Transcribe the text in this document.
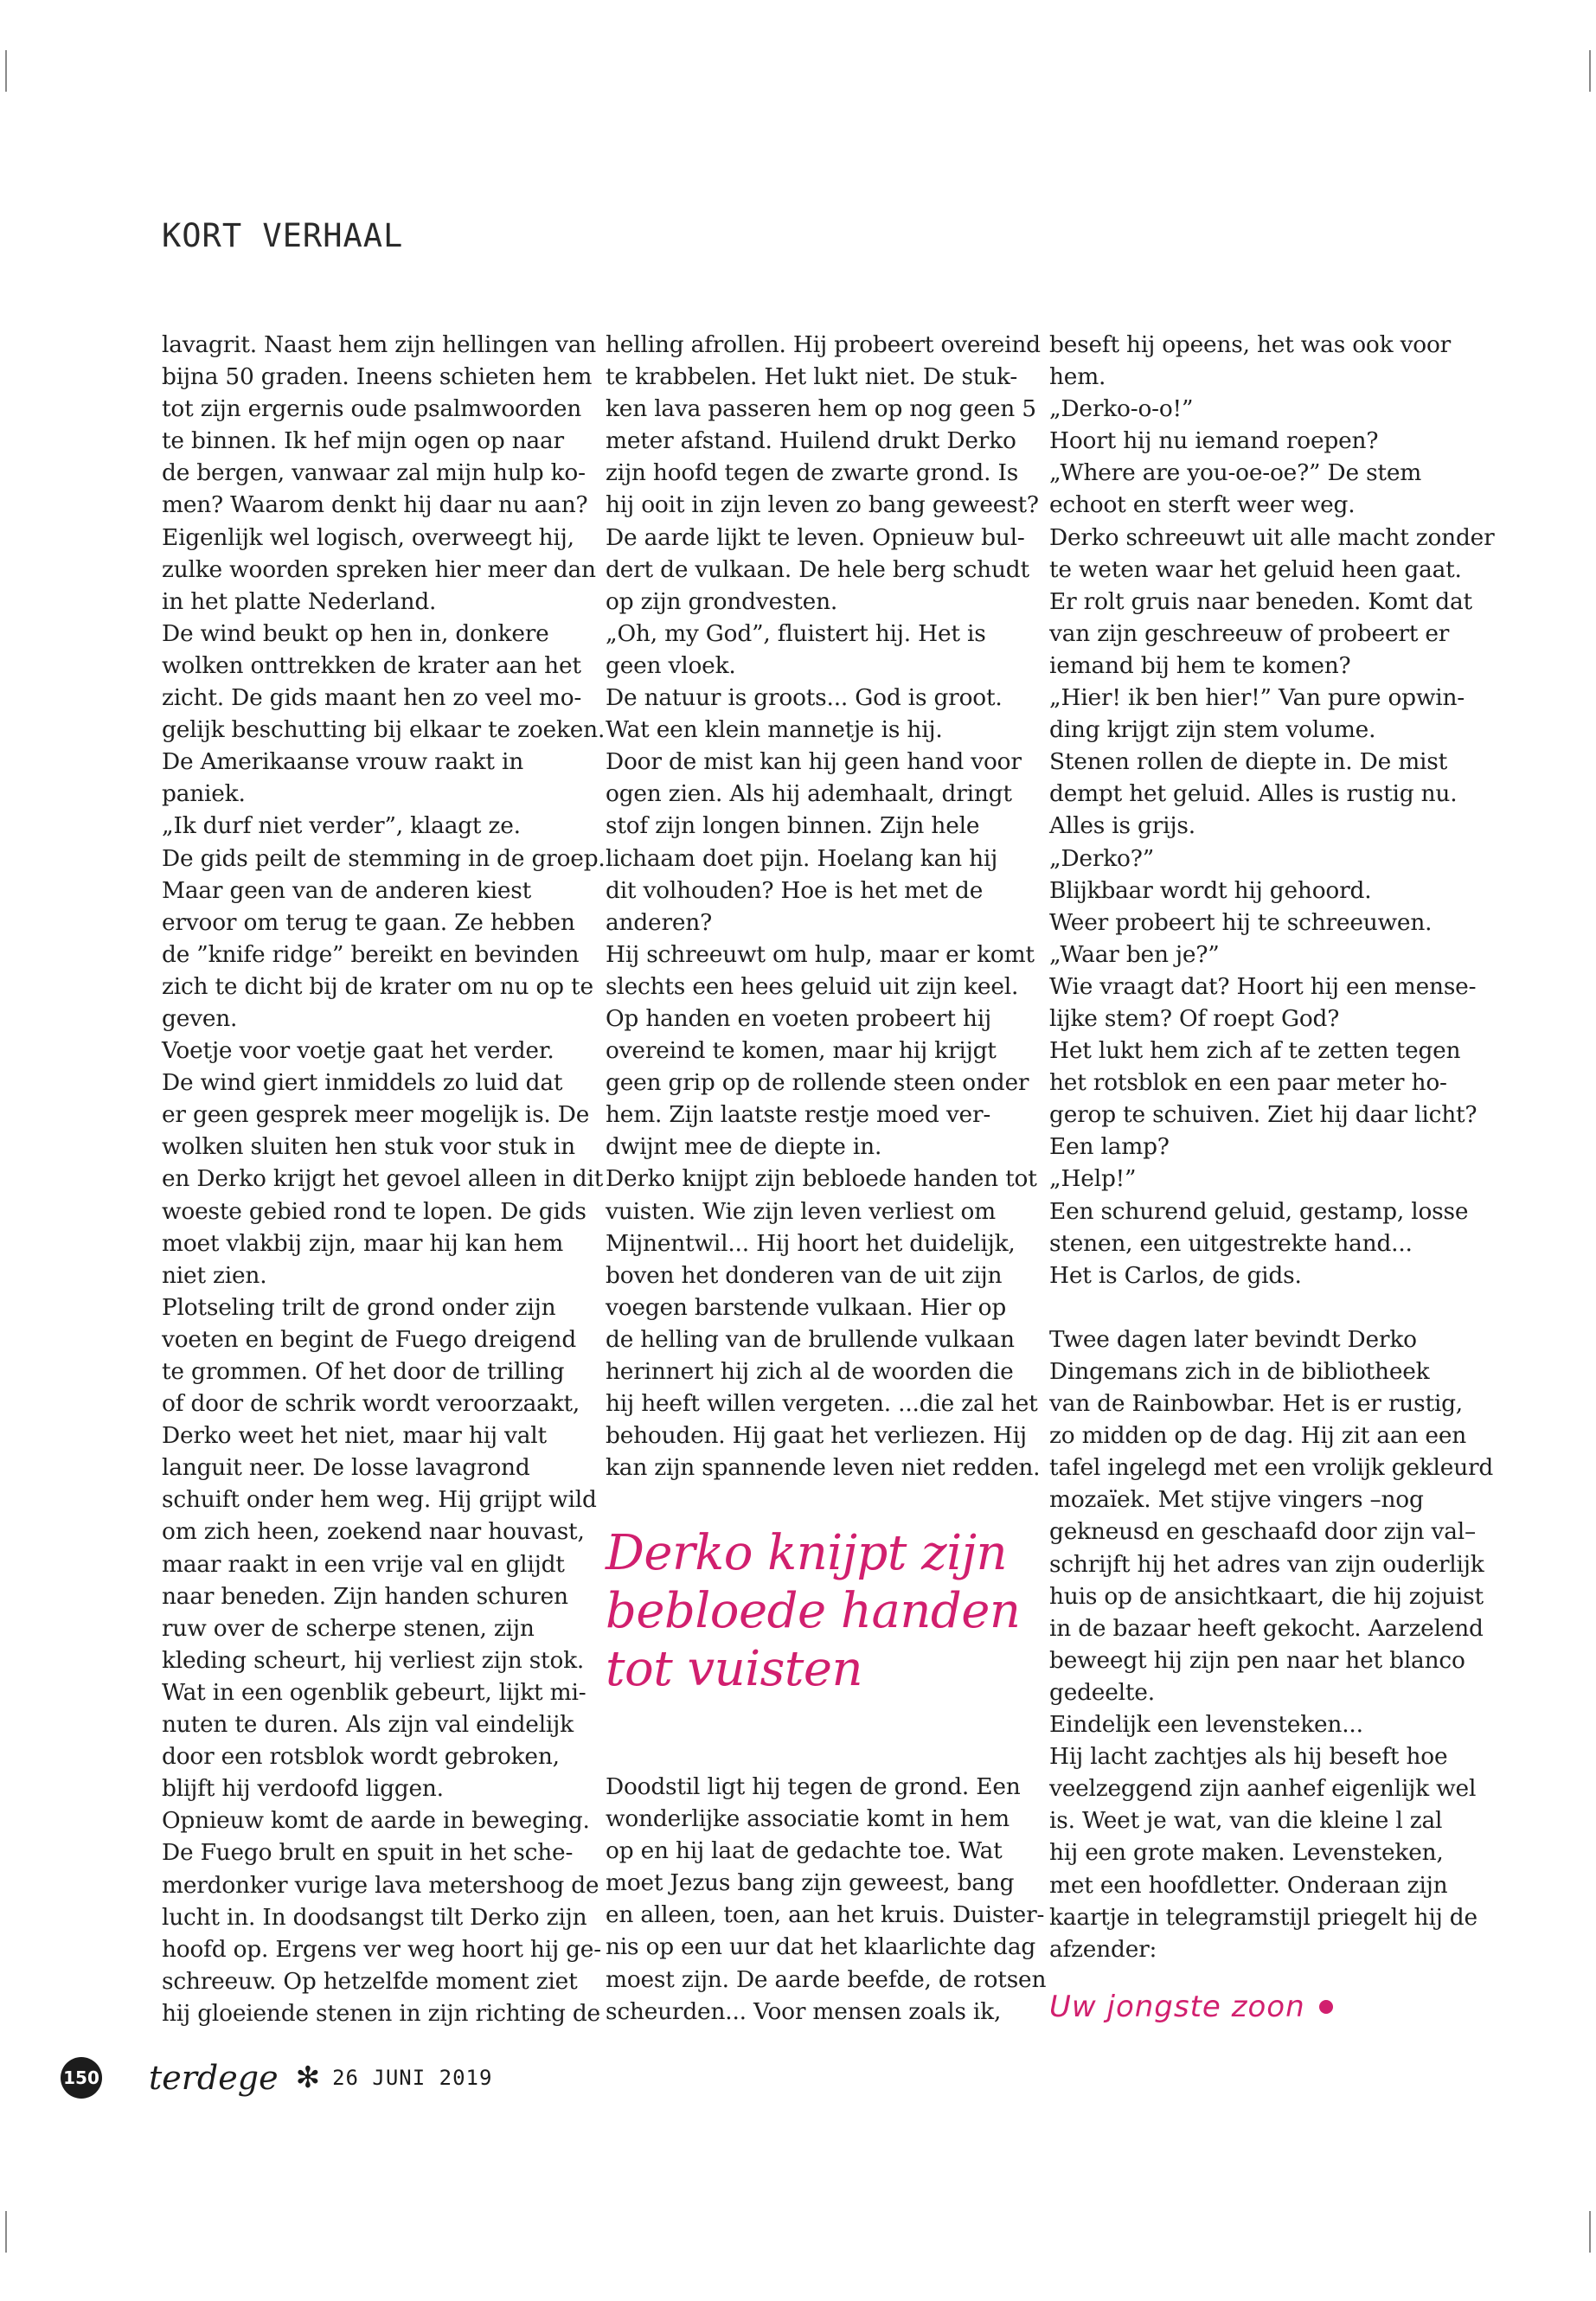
KORT VERHAAL
lavagrit. Naast hem zijn hellingen van
bijna 50 graden. Ineens schieten hem
tot zijn ergernis oude psalmwoorden
te binnen. Ik hef mijn ogen op naar
de bergen, vanwaar zal mijn hulp ko-
men? Waarom denkt hij daar nu aan?
Eigenlijk wel logisch, overweegt hij,
zulke woorden spreken hier meer dan
in het platte Nederland.
De wind beukt op hen in, donkere
wolken onttrekken de krater aan het
zicht. De gids maant hen zo veel mo-
gelijk beschutting bij elkaar te zoeken.
De Amerikaanse vrouw raakt in
paniek.
„Ik durf niet verder”, klaagt ze.
De gids peilt de stemming in de groep.
Maar geen van de anderen kiest
ervoor om terug te gaan. Ze hebben
de ”knife ridge” bereikt en bevinden
zich te dicht bij de krater om nu op te
geven.
Voetje voor voetje gaat het verder.
De wind giert inmiddels zo luid dat
er geen gesprek meer mogelijk is. De
wolken sluiten hen stuk voor stuk in
en Derko krijgt het gevoel alleen in dit
woeste gebied rond te lopen. De gids
moet vlakbij zijn, maar hij kan hem
niet zien.
Plotseling trilt de grond onder zijn
voeten en begint de Fuego dreigend
te grommen. Of het door de trilling
of door de schrik wordt veroorzaakt,
Derko weet het niet, maar hij valt
languit neer. De losse lavagrond
schuift onder hem weg. Hij grijpt wild
om zich heen, zoekend naar houvast,
maar raakt in een vrije val en glijdt
naar beneden. Zijn handen schuren
ruw over de scherpe stenen, zijn
kleding scheurt, hij verliest zijn stok.
Wat in een ogenblik gebeurt, lijkt mi-
nuten te duren. Als zijn val eindelijk
door een rotsblok wordt gebroken,
blijft hij verdoofd liggen.
Opnieuw komt de aarde in beweging.
De Fuego brult en spuit in het sche-
merdonker vurige lava metershoog de
lucht in. In doodsangst tilt Derko zijn
hoofd op. Ergens ver weg hoort hij ge-
schreeuw. Op hetzelfde moment ziet
hij gloeiende stenen in zijn richting de
helling afrollen. Hij probeert overeind
te krabbelen. Het lukt niet. De stuk-
ken lava passeren hem op nog geen 5
meter afstand. Huilend drukt Derko
zijn hoofd tegen de zwarte grond. Is
hij ooit in zijn leven zo bang geweest?
De aarde lijkt te leven. Opnieuw bul-
dert de vulkaan. De hele berg schudt
op zijn grondvesten.
„Oh, my God”, fluistert hij. Het is
geen vloek.
De natuur is groots... God is groot.
Wat een klein mannetje is hij.
Door de mist kan hij geen hand voor
ogen zien. Als hij ademhaalt, dringt
stof zijn longen binnen. Zijn hele
lichaam doet pijn. Hoelang kan hij
dit volhouden? Hoe is het met de
anderen?
Hij schreeuwt om hulp, maar er komt
slechts een hees geluid uit zijn keel.
Op handen en voeten probeert hij
overeind te komen, maar hij krijgt
geen grip op de rollende steen onder
hem. Zijn laatste restje moed ver-
dwijnt mee de diepte in.
Derko knijpt zijn bebloede handen tot
vuisten. Wie zijn leven verliest om
Mijnentwil... Hij hoort het duidelijk,
boven het donderen van de uit zijn
voegen barstende vulkaan. Hier op
de helling van de brullende vulkaan
herinnert hij zich al de woorden die
hij heeft willen vergeten. ...die zal het
behouden. Hij gaat het verliezen. Hij
kan zijn spannende leven niet redden.
beseft hij opeens, het was ook voor
hem.
„Derko-o-o!”
Hoort hij nu iemand roepen?
„Where are you-oe-oe?” De stem
echoot en sterft weer weg.
Derko schreeuwt uit alle macht zonder
te weten waar het geluid heen gaat.
Er rolt gruis naar beneden. Komt dat
van zijn geschreeuw of probeert er
iemand bij hem te komen?
„Hier! ik ben hier!” Van pure opwin-
ding krijgt zijn stem volume.
Stenen rollen de diepte in. De mist
dempt het geluid. Alles is rustig nu.
Alles is grijs.
„Derko?”
Blijkbaar wordt hij gehoord.
Weer probeert hij te schreeuwen.
„Waar ben je?”
Wie vraagt dat? Hoort hij een mense-
lijke stem? Of roept God?
Het lukt hem zich af te zetten tegen
het rotsblok en een paar meter ho-
gerop te schuiven. Ziet hij daar licht?
Een lamp?
„Help!”
Een schurend geluid, gestamp, losse
stenen, een uitgestrekte hand...
Het is Carlos, de gids.
Twee dagen later bevindt Derko
Dingemans zich in de bibliotheek
van de Rainbowbar. Het is er rustig,
zo midden op de dag. Hij zit aan een
tafel ingelegd met een vrolijk gekleurd
mozaïek. Met stijve vingers –nog
gekneusd en geschaafd door zijn val–
schrijft hij het adres van zijn ouderlijk
huis op de ansichtkaart, die hij zojuist
in de bazaar heeft gekocht. Aarzelend
beweegt hij zijn pen naar het blanco
gedeelte.
Eindelijk een levensteken...
Hij lacht zachtjes als hij beseft hoe
veelzeggend zijn aanhef eigenlijk wel
is. Weet je wat, van die kleine l zal
hij een grote maken. Levensteken,
met een hoofdletter. Onderaan zijn
kaartje in telegramstijl priegelt hij de
afzender:
Derko knijpt zijn
bebloede handen
tot vuisten
Doodstil ligt hij tegen de grond. Een
wonderlijke associatie komt in hem
op en hij laat de gedachte toe. Wat
moet Jezus bang zijn geweest, bang
en alleen, toen, aan het kruis. Duister-
nis op een uur dat het klaarlichte dag
moest zijn. De aarde beefde, de rotsen
scheurden... Voor mensen zoals ik,	Uw jongste zoon
150 terdege ✻ 26 JUNI 2019
